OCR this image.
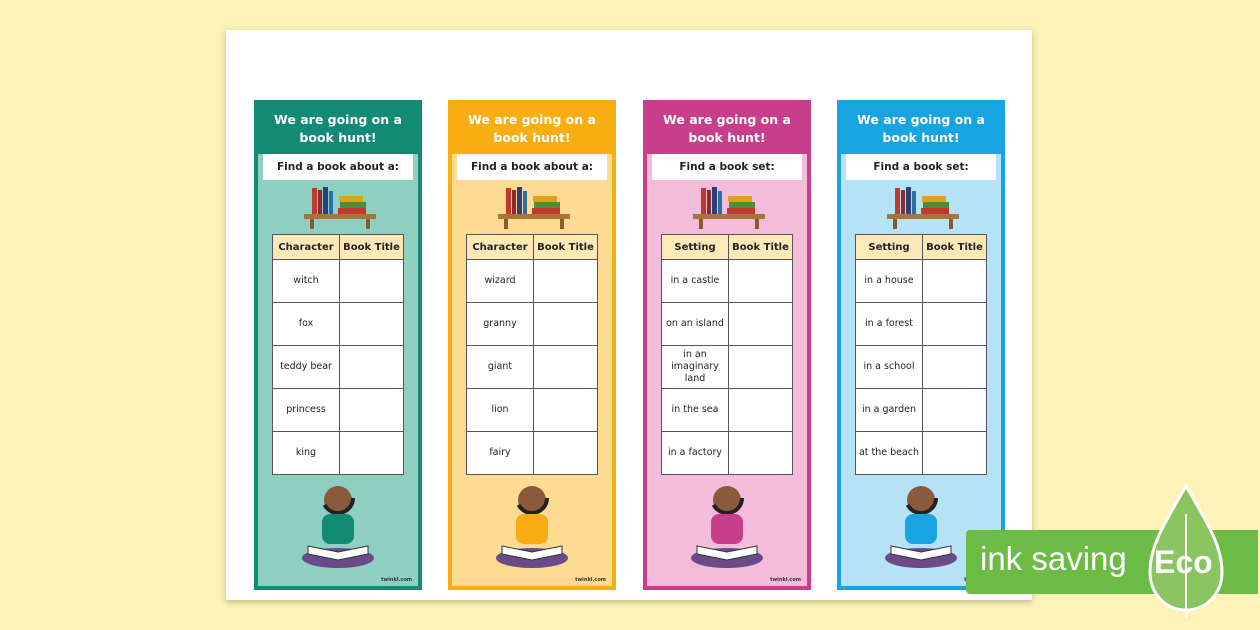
We are going on a book hunt!
Find a book about a:
Character	Book Title
witch	
fox	
teddy bear	
princess	
king	
twinkl.com
We are going on a book hunt!
Find a book about a:
Character	Book Title
wizard	
granny	
giant	
lion	
fairy	
twinkl.com
We are going on a book hunt!
Find a book set:
Setting	Book Title
in a castle	
on an island	
in an imaginary land	
in the sea	
in a factory	
twinkl.com
We are going on a book hunt!
Find a book set:
Setting	Book Title
in a house	
in a forest	
in a school	
in a garden	
at the beach	
ink saving Eco
